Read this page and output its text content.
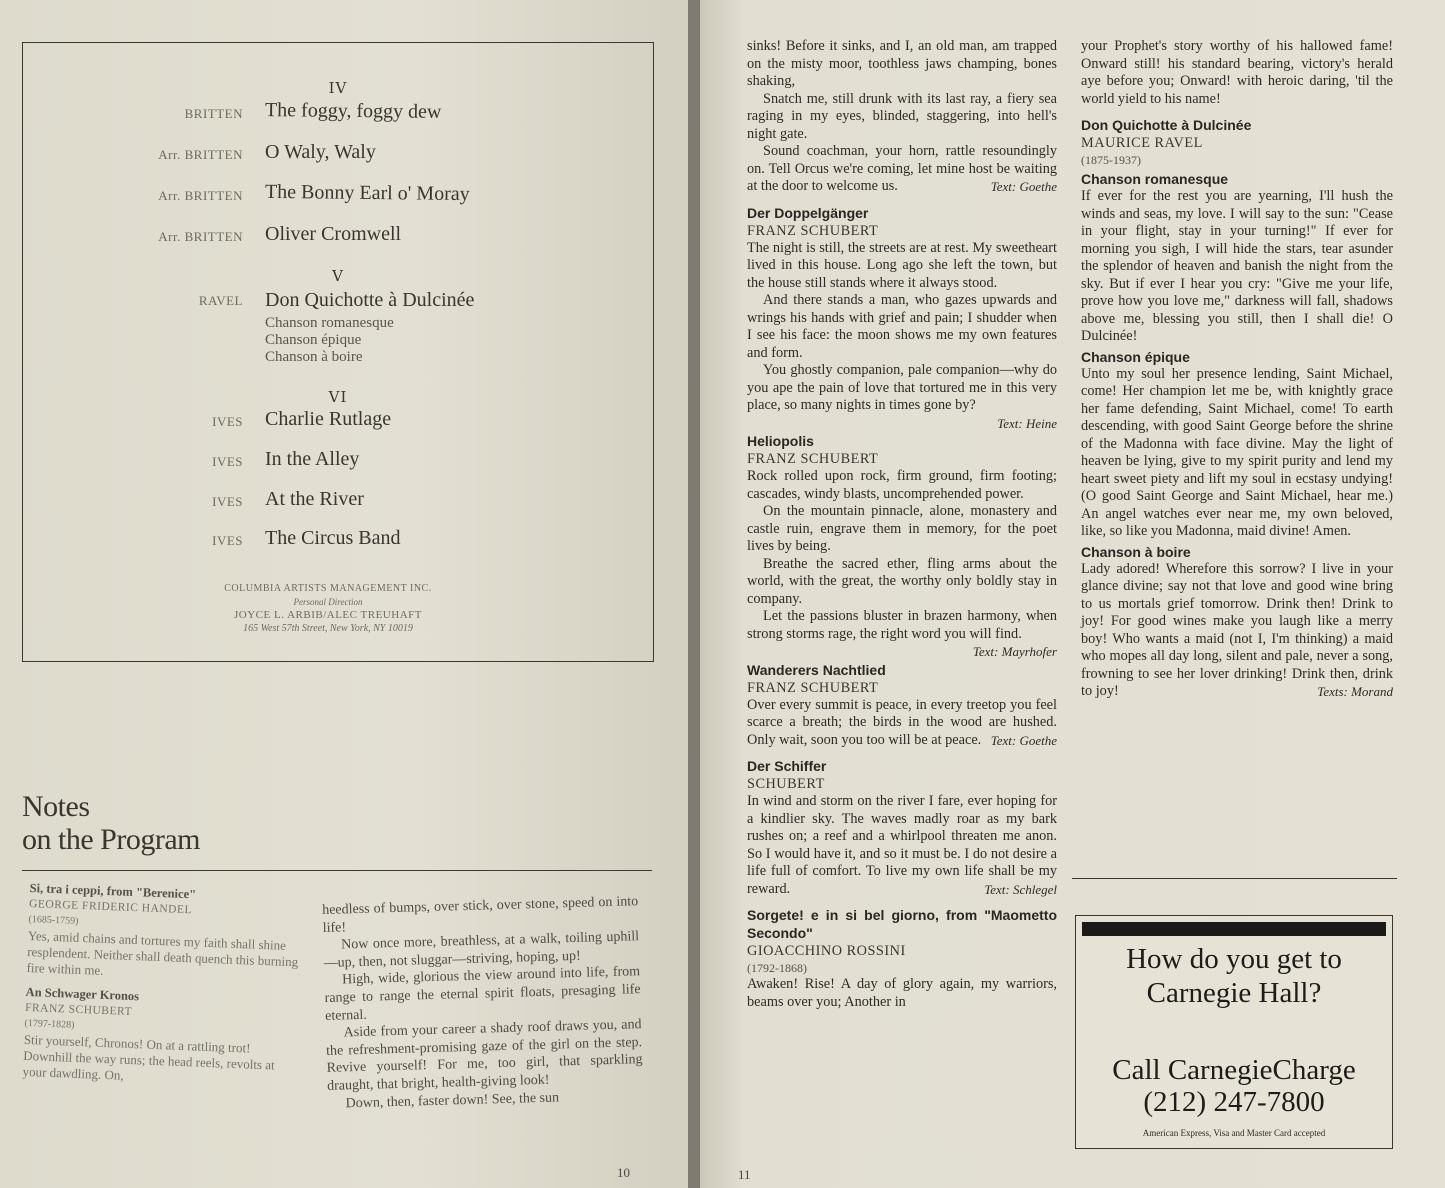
IV
BRITTEN The foggy, foggy dew
Arr. BRITTEN O Waly, Waly
Arr. BRITTEN The Bonny Earl o' Moray
Arr. BRITTEN Oliver Cromwell
V
RAVEL Don Quichotte à Dulcinée
Chanson romanesque
Chanson épique
Chanson à boire
VI
IVES Charlie Rutlage
IVES In the Alley
IVES At the River
IVES The Circus Band
COLUMBIA ARTISTS MANAGEMENT INC.
Personal Direction
JOYCE L. ARBIB/ALEC TREUHAFT
165 West 57th Street, New York, NY 10019
Notes
on the Program

Si, tra i ceppi, from "Berenice"

GEORGE FRIDERIC HANDEL

(1685-1759)

Yes, amid chains and tortures my faith shall shine resplendent. Neither shall death quench this burning fire within me.

An Schwager Kronos

FRANZ SCHUBERT

(1797-1828)

Stir yourself, Chronos! On at a rattling trot! Downhill the way runs; the head reels, revolts at your dawdling. On,

heedless of bumps, over stick, over stone, speed on into life!

Now once more, breathless, at a walk, toiling uphill—up, then, not sluggar—striving, hoping, up!

High, wide, glorious the view around into life, from range to range the eternal spirit floats, presaging life eternal.

Aside from your career a shady roof draws you, and the refreshment-promising gaze of the girl on the step. Revive yourself! For me, too girl, that sparkling draught, that bright, health-giving look!

Down, then, faster down! See, the sun

10

sinks! Before it sinks, and I, an old man, am trapped on the misty moor, toothless jaws champing, bones shaking,

Snatch me, still drunk with its last ray, a fiery sea raging in my eyes, blinded, staggering, into hell's night gate.

Sound coachman, your horn, rattle resoundingly on. Tell Orcus we're coming, let mine host be waiting at the door to welcome us.	Text: Goethe

Der Doppelgänger
FRANZ SCHUBERT

The night is still, the streets are at rest. My sweetheart lived in this house. Long ago she left the town, but the house still stands where it always stood.

And there stands a man, who gazes upwards and wrings his hands with grief and pain; I shudder when I see his face: the moon shows me my own features and form.

You ghostly companion, pale companion—why do you ape the pain of love that tortured me in this very place, so many nights in times gone by?
Text: Heine

Heliopolis
FRANZ SCHUBERT

Rock rolled upon rock, firm ground, firm footing; cascades, windy blasts, uncomprehended power.

On the mountain pinnacle, alone, monastery and castle ruin, engrave them in memory, for the poet lives by being.

Breathe the sacred ether, fling arms about the world, with the great, the worthy only boldly stay in company.

Let the passions bluster in brazen harmony, when strong storms rage, the right word you will find.
Text: Mayrhofer

Wanderers Nachtlied
FRANZ SCHUBERT

Over every summit is peace, in every treetop you feel scarce a breath; the birds in the wood are hushed. Only wait, soon you too will be at peace. Text: Goethe

Der Schiffer
SCHUBERT

In wind and storm on the river I fare, ever hoping for a kindlier sky. The waves madly roar as my bark rushes on; a reef and a whirlpool threaten me anon. So I would have it, and so it must be. I do not desire a life full of comfort. To live my own life shall be my reward.	Text: Schlegel

Sorgete! e in si bel giorno, from "Maometto Secondo"
GIOACCHINO ROSSINI
(1792-1868)

Awaken! Rise! A day of glory again, my warriors, beams over you; Another in

your Prophet's story worthy of his hallowed fame! Onward still! his standard bearing, victory's herald aye before you; Onward! with heroic daring, 'til the world yield to his name!

Don Quichotte à Dulcinée
MAURICE RAVEL
(1875-1937)
Chanson romanesque

If ever for the rest you are yearning, I'll hush the winds and seas, my love. I will say to the sun: "Cease in your flight, stay in your turning!" If ever for morning you sigh, I will hide the stars, tear asunder the splendor of heaven and banish the night from the sky. But if ever I hear you cry: "Give me your life, prove how you love me," darkness will fall, shadows above me, blessing you still, then I shall die! O Dulcinée!

Chanson épique

Unto my soul her presence lending, Saint Michael, come! Her champion let me be, with knightly grace her fame defending, Saint Michael, come! To earth descending, with good Saint George before the shrine of the Madonna with face divine. May the light of heaven be lying, give to my spirit purity and lend my heart sweet piety and lift my soul in ecstasy undying! (O good Saint George and Saint Michael, hear me.) An angel watches ever near me, my own beloved, like, so like you Madonna, maid divine! Amen.

Chanson à boire

Lady adored! Wherefore this sorrow? I live in your glance divine; say not that love and good wine bring to us mortals grief tomorrow. Drink then! Drink to joy! For good wines make you laugh like a merry boy! Who wants a maid (not I, I'm thinking) a maid who mopes all day long, silent and pale, never a song, frowning to see her lover drinking! Drink then, drink to joy!	Texts: Morand

11
How do you get to Carnegie Hall?
Call CarnegieCharge
(212) 247-7800
American Express, Visa and Master Card accepted
